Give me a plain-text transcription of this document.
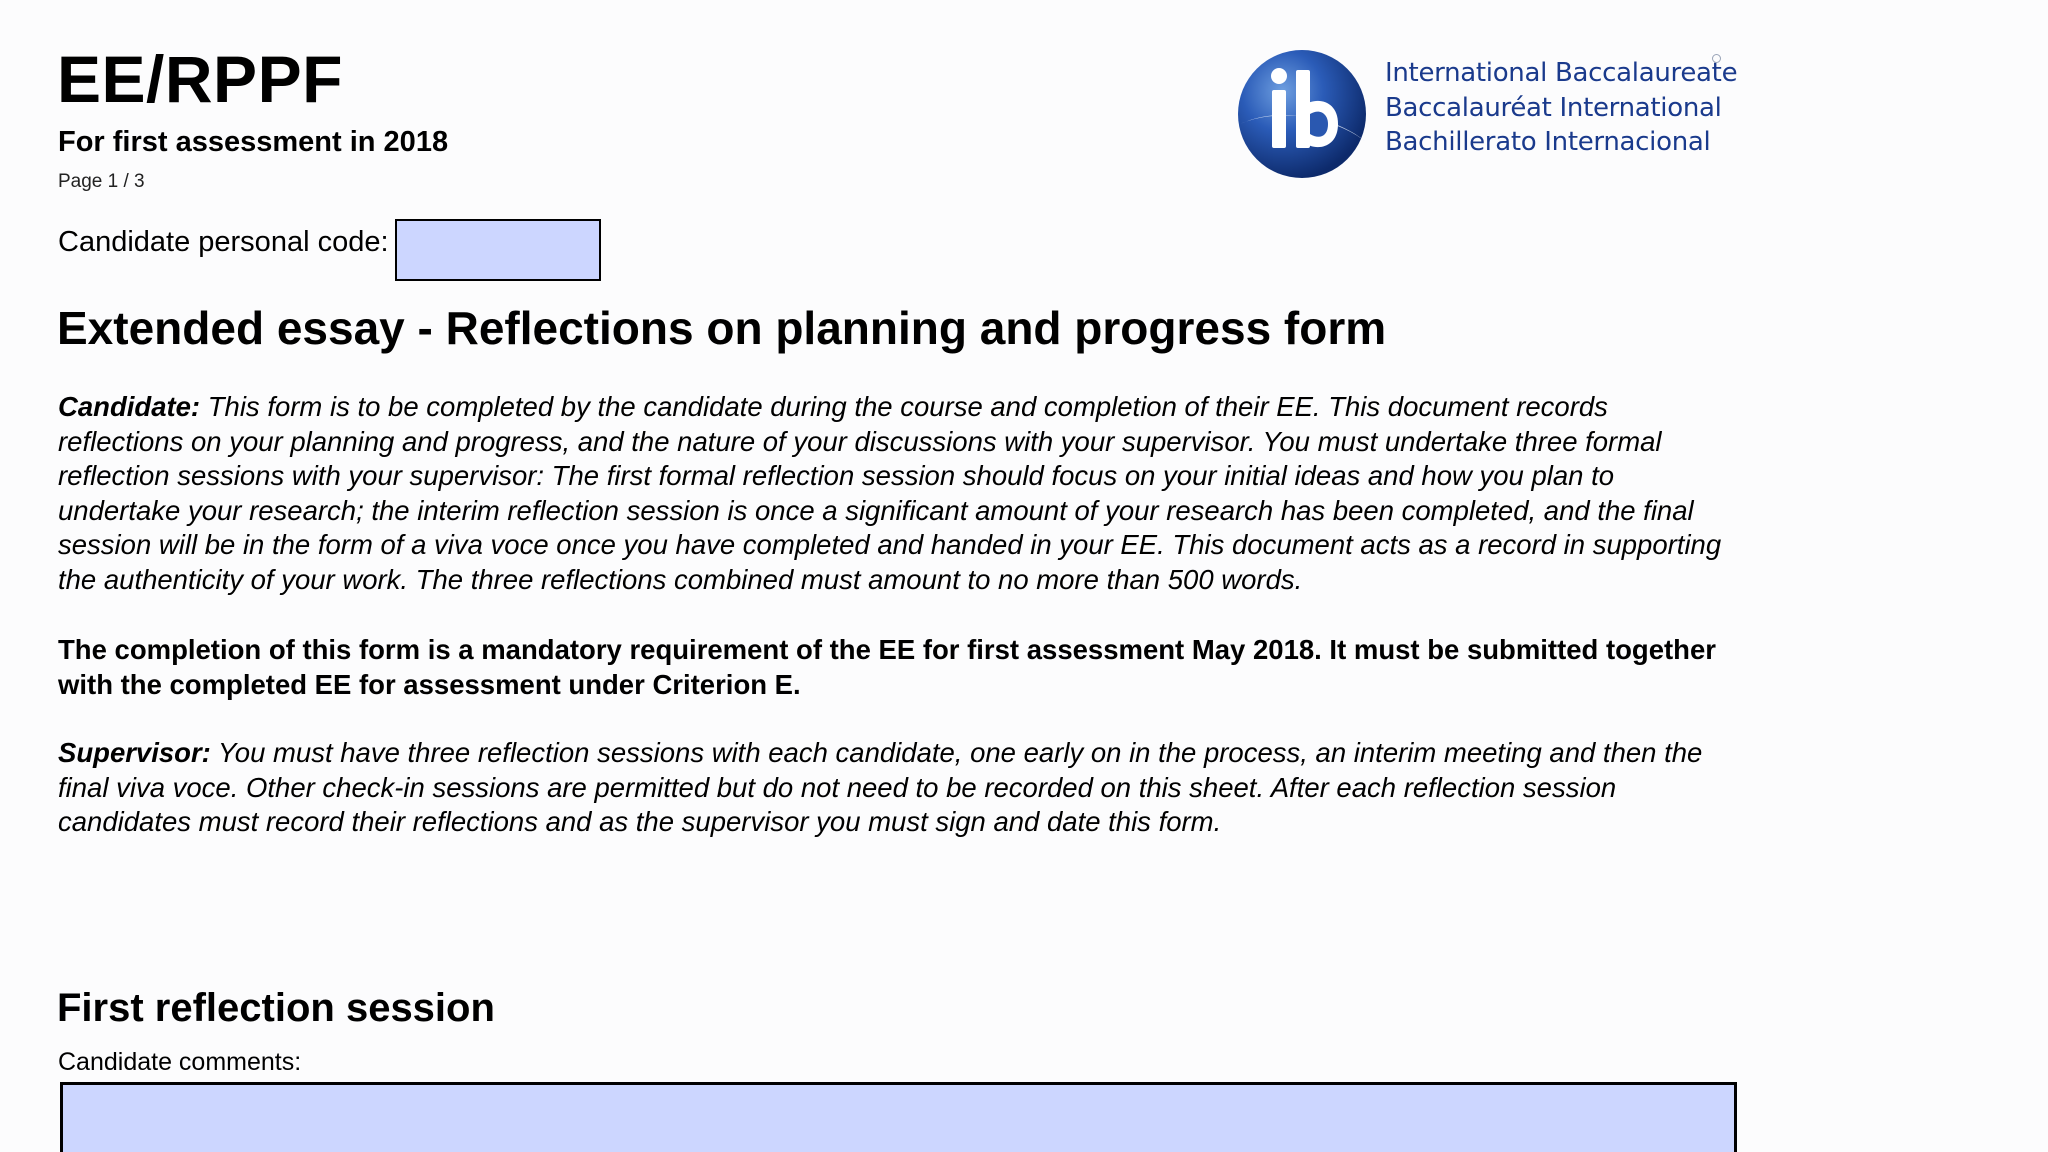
EE/RPPF
For first assessment in 2018
Page 1 / 3
International Baccalaureate
Baccalauréat International
Bachillerato Internacional
Candidate personal code:
Extended essay - Reflections on planning and progress form

Candidate: This form is to be completed by the candidate during the course and completion of their EE. This document records reflections on your planning and progress, and the nature of your discussions with your supervisor. You must undertake three formal reflection sessions with your supervisor: The first formal reflection session should focus on your initial ideas and how you plan to undertake your research; the interim reflection session is once a significant amount of your research has been completed, and the final session will be in the form of a viva voce once you have completed and handed in your EE. This document acts as a record in supporting the authenticity of your work. The three reflections combined must amount to no more than 500 words.

The completion of this form is a mandatory requirement of the EE for first assessment May 2018. It must be submitted together with the completed EE for assessment under Criterion E.

Supervisor: You must have three reflection sessions with each candidate, one early on in the process, an interim meeting and then the final viva voce. Other check-in sessions are permitted but do not need to be recorded on this sheet. After each reflection session candidates must record their reflections and as the supervisor you must sign and date this form.

First reflection session
Candidate comments:
